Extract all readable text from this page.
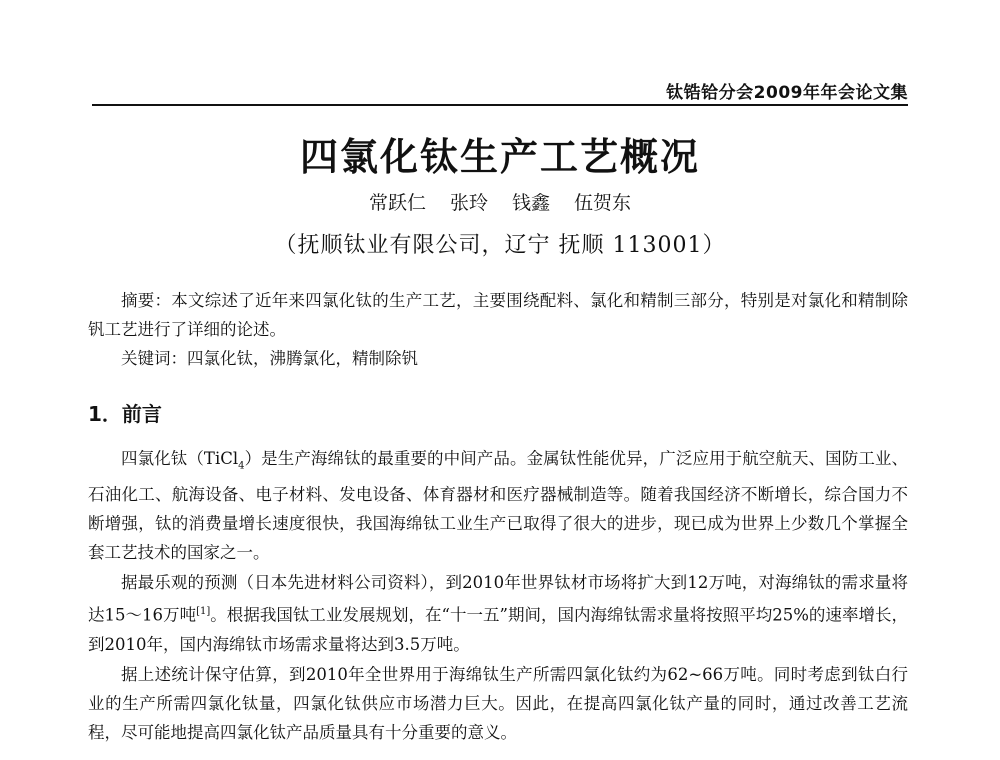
钛锆铪分会2009年年会论文集
四氯化钛生产工艺概况
常跃仁 张玲 钱鑫 伍贺东
（抚顺钛业有限公司，辽宁 抚顺 113001）

摘要：本文综述了近年来四氯化钛的生产工艺，主要围绕配料、氯化和精制三部分，特别是对氯化和精制除钒工艺进行了详细的论述。

关键词：四氯化钛，沸腾氯化，精制除钒

1．前言

四氯化钛（TiCl$_4$）是生产海绵钛的最重要的中间产品。金属钛性能优异，广泛应用于航空航天、国防工业、石油化工、航海设备、电子材料、发电设备、体育器材和医疗器械制造等。随着我国经济不断增长，综合国力不断增强，钛的消费量增长速度很快，我国海绵钛工业生产已取得了很大的进步，现已成为世界上少数几个掌握全套工艺技术的国家之一。

据最乐观的预测（日本先进材料公司资料），到2010年世界钛材市场将扩大到12万吨，对海绵钛的需求量将达15～16万吨[1]。根据我国钛工业发展规划，在“十一五”期间，国内海绵钛需求量将按照平均25%的速率增长，到2010年，国内海绵钛市场需求量将达到3.5万吨。

据上述统计保守估算，到2010年全世界用于海绵钛生产所需四氯化钛约为62~66万吨。同时考虑到钛白行业的生产所需四氯化钛量，四氯化钛供应市场潜力巨大。因此，在提高四氯化钛产量的同时，通过改善工艺流程，尽可能地提高四氯化钛产品质量具有十分重要的意义。
